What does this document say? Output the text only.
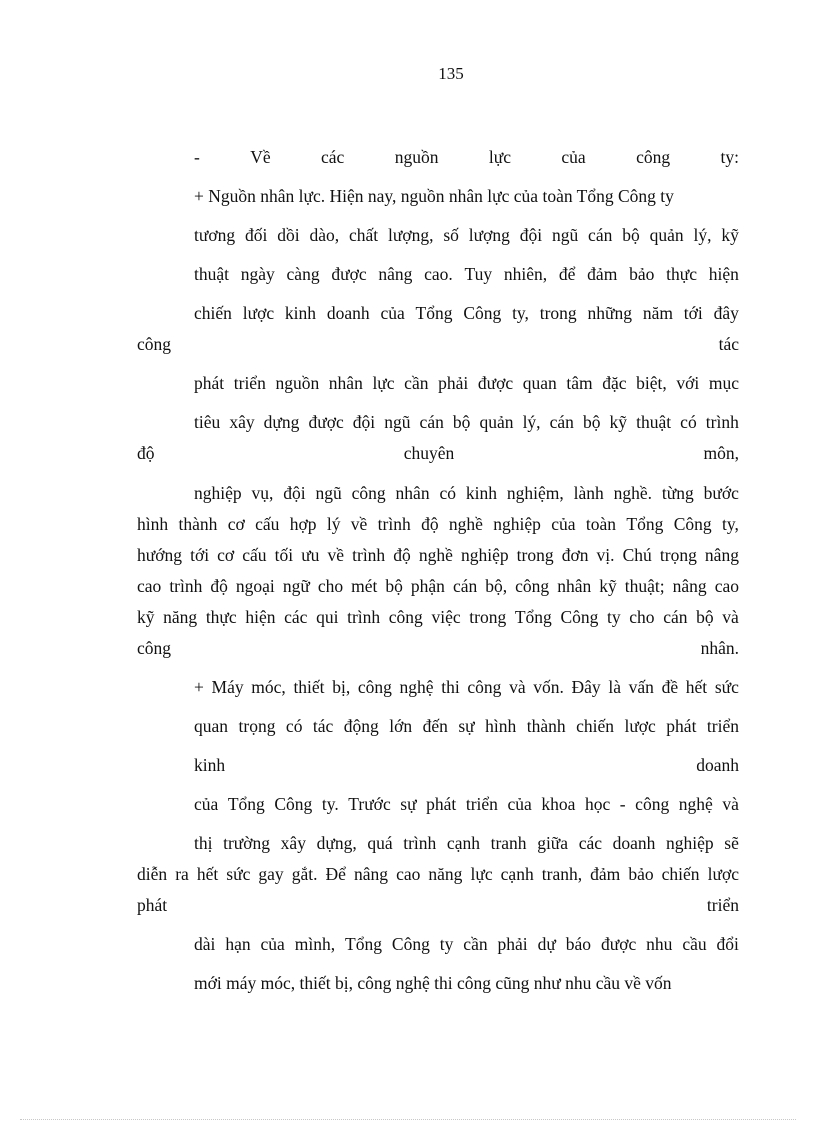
135
-	Về	các	nguồn	lực	của	công	ty:
+ Nguồn nhân lực. Hiện nay, nguồn nhân lực của toàn Tổng Công ty
tương đối dồi dào, chất lượng, số lượng đội ngũ cán bộ quản lý, kỹ
thuật ngày càng được nâng cao. Tuy nhiên, để đảm bảo thực hiện
chiến lược kinh doanh của Tổng Công ty, trong những năm tới đây
công	tác
phát triển nguồn nhân lực cần phải được quan tâm đặc biệt, với mục
tiêu xây dựng được đội ngũ cán bộ quản lý, cán bộ kỹ thuật có trình
độ	chuyên	môn,
nghiệp vụ, đội ngũ công nhân có kinh nghiệm, lành nghề. từng bước
hình thành cơ cấu hợp lý về trình độ nghề nghiệp của toàn Tổng Công ty,
hướng tới cơ cấu tối ưu về trình độ nghề nghiệp trong đơn vị. Chú trọng nâng
cao trình độ ngoại ngữ cho mét bộ phận cán bộ, công nhân kỹ thuật; nâng cao
kỹ năng thực hiện các qui trình công việc trong Tổng Công ty cho cán bộ và
công	nhân.
+ Máy móc, thiết bị, công nghệ thi công và vốn. Đây là vấn đề hết sức
quan trọng có tác động lớn đến sự hình thành chiến lược phát triển
kinh	doanh
của Tổng Công ty. Trước sự phát triển của khoa học - công nghệ và
thị trường xây dựng, quá trình cạnh tranh giữa các doanh nghiệp sẽ
diễn ra hết sức gay gắt. Để nâng cao năng lực cạnh tranh, đảm bảo chiến lược
phát	triển
dài hạn của mình, Tổng Công ty cần phải dự báo được nhu cầu đổi
mới máy móc, thiết bị, công nghệ thi công cũng như nhu cầu về vốn
